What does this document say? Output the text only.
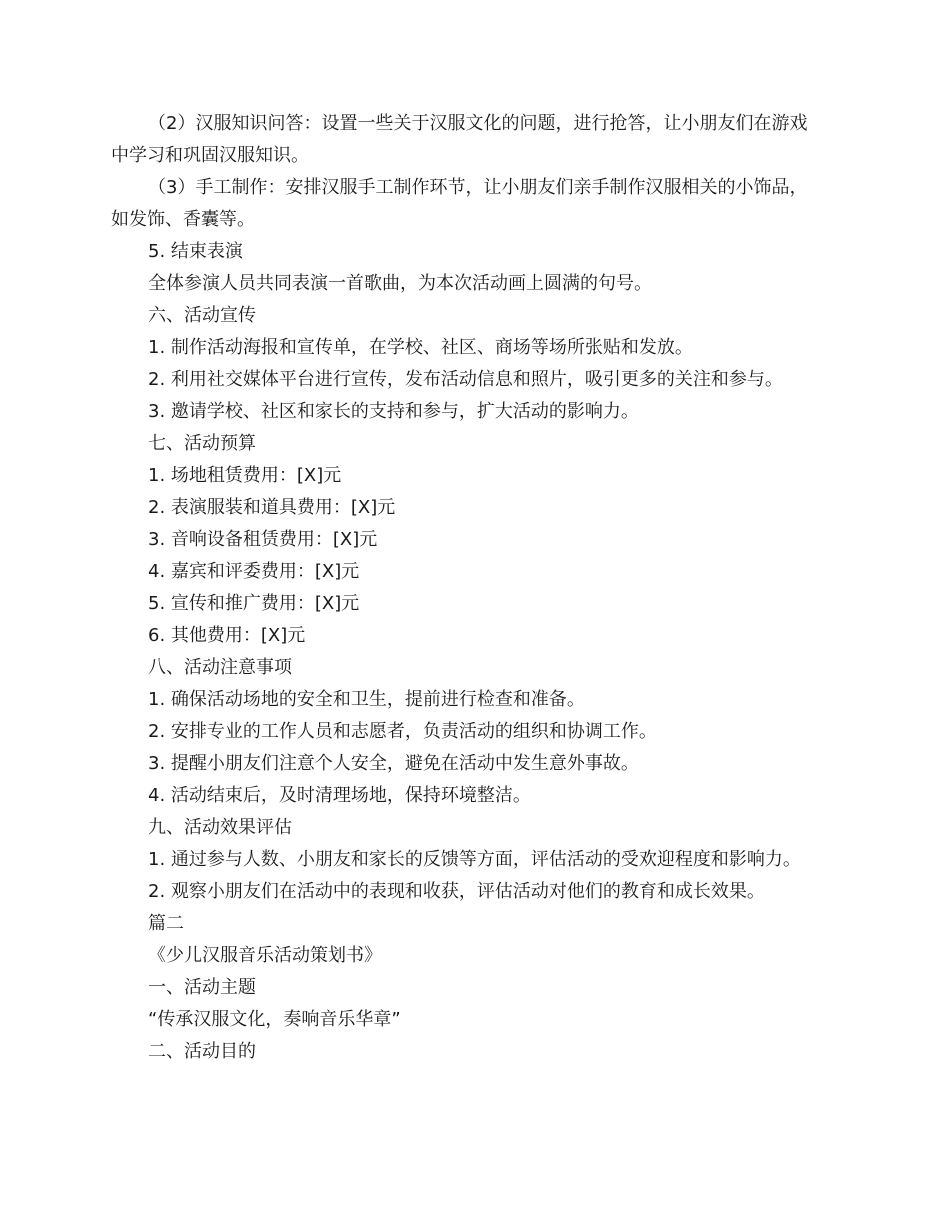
（2）汉服知识问答：设置一些关于汉服文化的问题，进行抢答，让小朋友们在游戏
中学习和巩固汉服知识。
（3）手工制作：安排汉服手工制作环节，让小朋友们亲手制作汉服相关的小饰品，
如发饰、香囊等。
5. 结束表演
全体参演人员共同表演一首歌曲，为本次活动画上圆满的句号。
六、活动宣传
1. 制作活动海报和宣传单，在学校、社区、商场等场所张贴和发放。
2. 利用社交媒体平台进行宣传，发布活动信息和照片，吸引更多的关注和参与。
3. 邀请学校、社区和家长的支持和参与，扩大活动的影响力。
七、活动预算
1. 场地租赁费用：[X]元
2. 表演服装和道具费用：[X]元
3. 音响设备租赁费用：[X]元
4. 嘉宾和评委费用：[X]元
5. 宣传和推广费用：[X]元
6. 其他费用：[X]元
八、活动注意事项
1. 确保活动场地的安全和卫生，提前进行检查和准备。
2. 安排专业的工作人员和志愿者，负责活动的组织和协调工作。
3. 提醒小朋友们注意个人安全，避免在活动中发生意外事故。
4. 活动结束后，及时清理场地，保持环境整洁。
九、活动效果评估
1. 通过参与人数、小朋友和家长的反馈等方面，评估活动的受欢迎程度和影响力。
2. 观察小朋友们在活动中的表现和收获，评估活动对他们的教育和成长效果。
篇二
《少儿汉服音乐活动策划书》
一、活动主题
“传承汉服文化，奏响音乐华章”
二、活动目的
